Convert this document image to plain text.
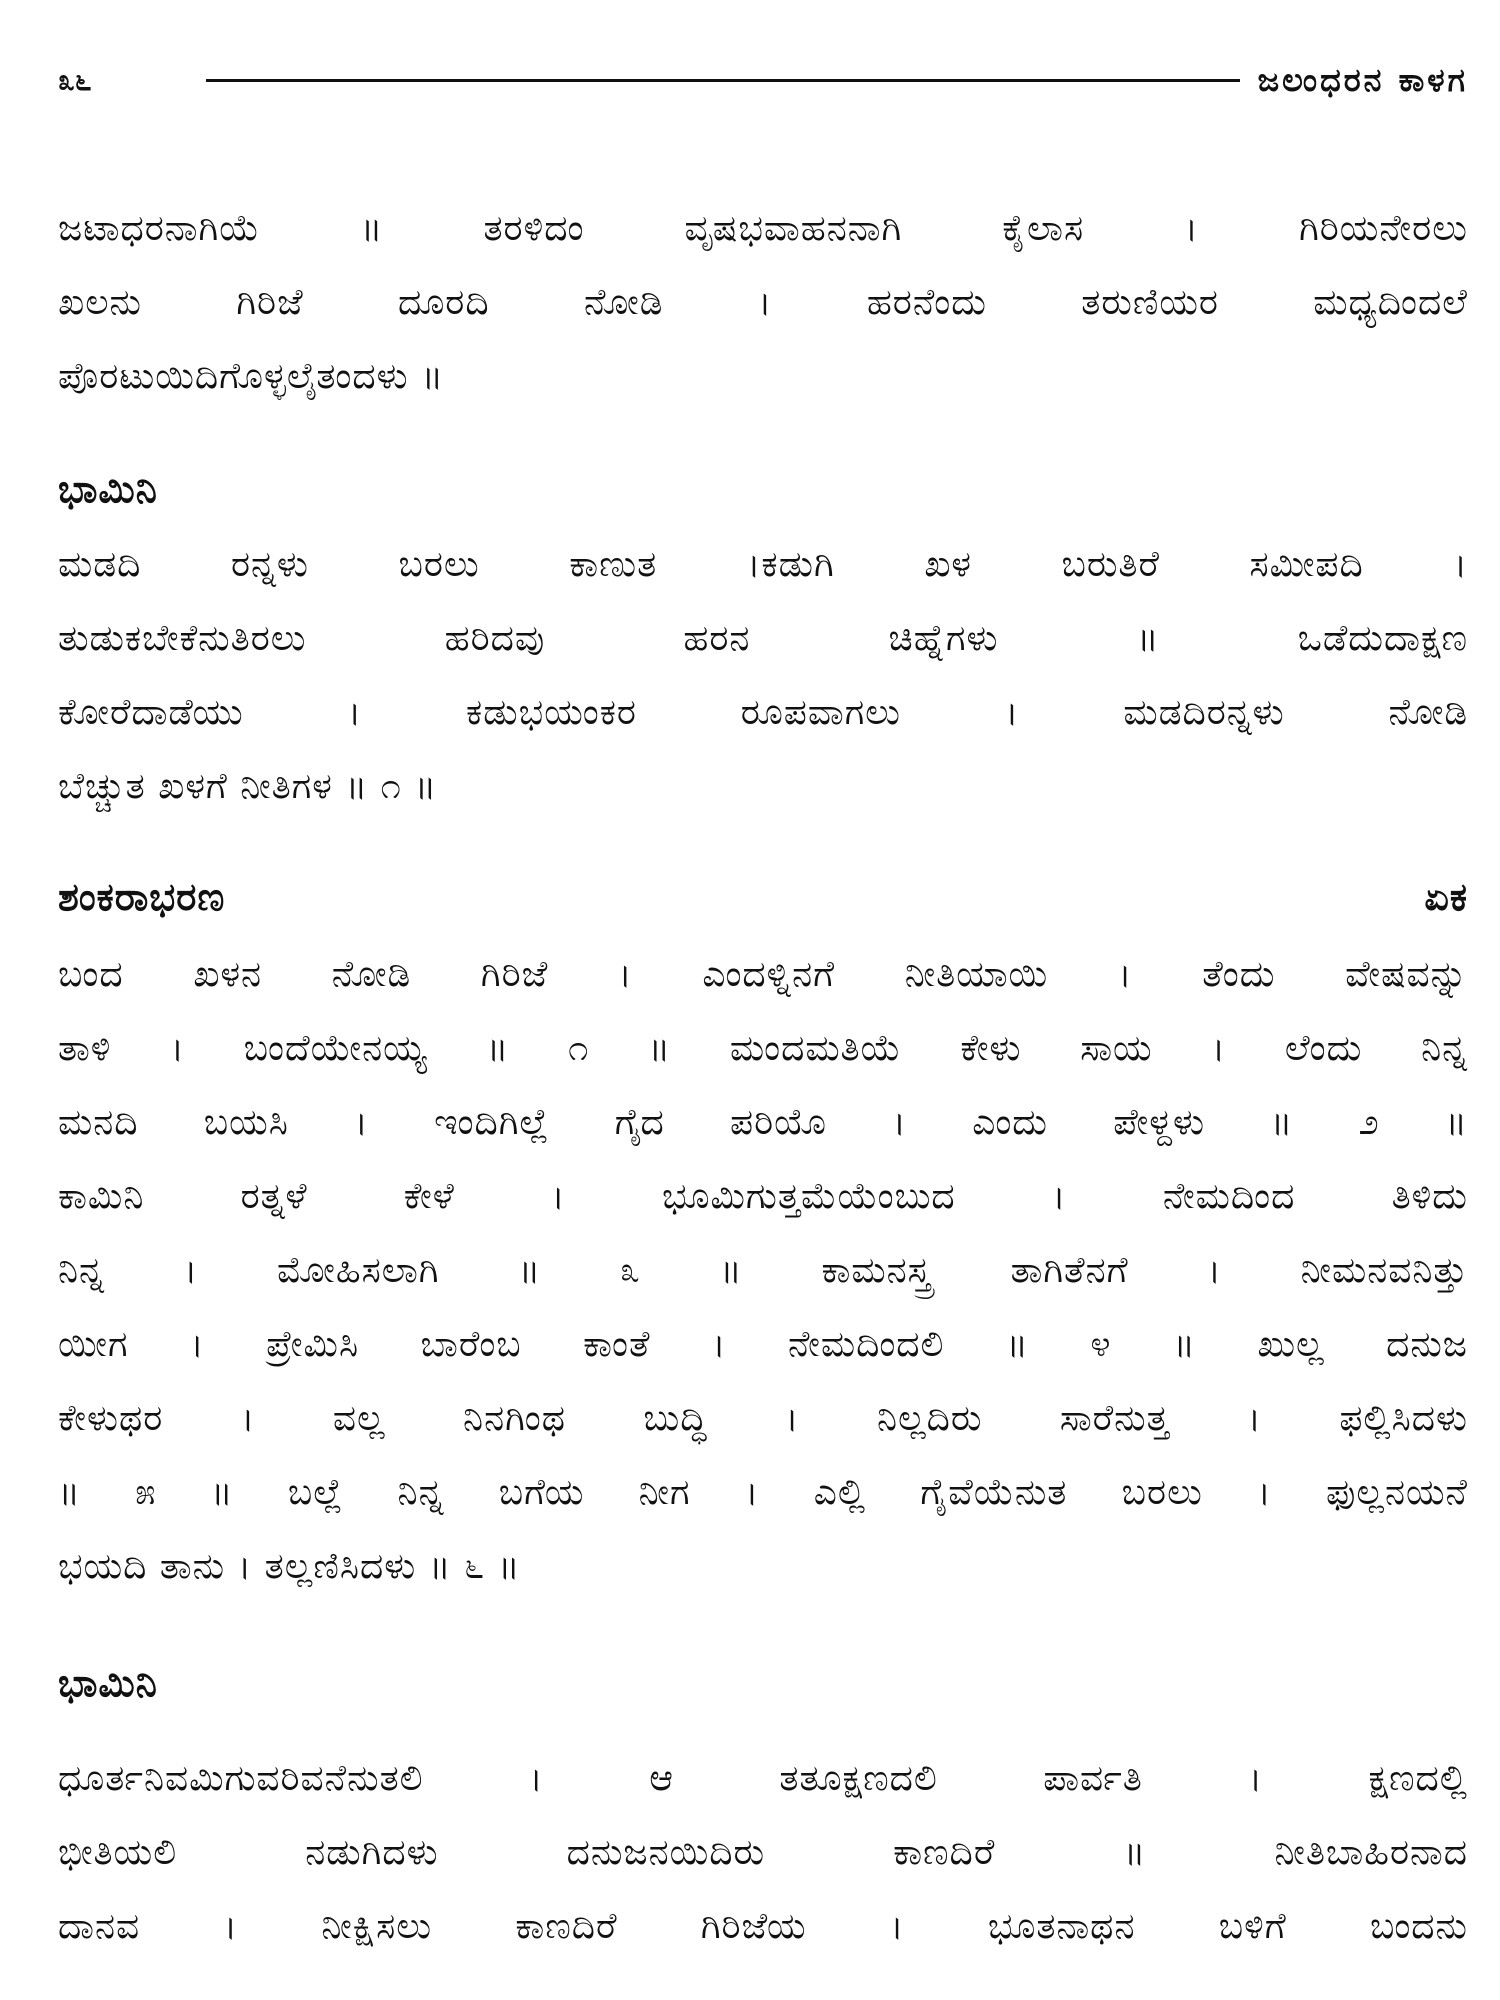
೩೬	ಜಲಂಧರನ ಕಾಳಗ
ಜಟಾಧರನಾಗಿಯೆ ॥ ತರಳಿದಂ ವೃಷಭವಾಹನನಾಗಿ ಕೈಲಾಸ । ಗಿರಿಯನೇರಲು
ಖಲನು ಗಿರಿಜೆ ದೂರದಿ ನೋಡಿ । ಹರನೆಂದು ತರುಣಿಯರ ಮಧ್ಯದಿಂದಲೆ
ಪೊರಟುಯಿದಿಗೊಳ್ಳಲೈತಂದಳು ॥
ಭಾಮಿನಿ
ಮಡದಿ ರನ್ನಳು ಬರಲು ಕಾಣುತ ।ಕಡುಗಿ ಖಳ ಬರುತಿರೆ ಸಮೀಪದಿ ।
ತುಡುಕಬೇಕೆನುತಿರಲು ಹರಿದವು ಹರನ ಚಿಹ್ನೆಗಳು ॥ ಒಡೆದುದಾಕ್ಷಣ
ಕೋರೆದಾಡೆಯು । ಕಡುಭಯಂಕರ ರೂಪವಾಗಲು । ಮಡದಿರನ್ನಳು ನೋಡಿ
ಬೆಚ್ಚುತ ಖಳಗೆ ನೀತಿಗಳ ॥ ೧ ॥
ಶಂಕರಾಭರಣ	ಏಕ
ಬಂದ ಖಳನ ನೋಡಿ ಗಿರಿಜೆ । ಎಂದಳ್ನಿನಗೆ ನೀತಿಯಾಯಿ । ತೆಂದು ವೇಷವನ್ನು
ತಾಳಿ । ಬಂದೆಯೇನಯ್ಯ ॥ ೧ ॥ ಮಂದಮತಿಯೆ ಕೇಳು ಸಾಯ । ಲೆಂದು ನಿನ್ನ
ಮನದಿ ಬಯಸಿ । ಇಂದಿಗಿಲ್ಲೆ ಗೈದ ಪರಿಯೊ । ಎಂದು ಪೇಳ್ದಳು ॥ ೨ ॥
ಕಾಮಿನಿ ರತ್ನಳೆ ಕೇಳೆ । ಭೂಮಿಗುತ್ತಮೆಯೆಂಬುದ । ನೇಮದಿಂದ ತಿಳಿದು
ನಿನ್ನ । ಮೋಹಿಸಲಾಗಿ ॥ ೩ ॥ ಕಾಮನಸ್ತ್ರ ತಾಗಿತೆನಗೆ । ನೀಮನವನಿತ್ತು
ಯೀಗ । ಪ್ರೇಮಿಸಿ ಬಾರೆಂಬ ಕಾಂತೆ । ನೇಮದಿಂದಲಿ ॥ ೪ ॥ ಖುಲ್ಲ ದನುಜ
ಕೇಳುಥರ । ವಲ್ಲ ನಿನಗಿಂಥ ಬುದ್ಧಿ । ನಿಲ್ಲದಿರು ಸಾರೆನುತ್ತ । ಫಲ್ಲಿಸಿದಳು
॥ ೫ ॥ ಬಲ್ಲೆ ನಿನ್ನ ಬಗೆಯ ನೀಗ । ಎಲ್ಲಿ ಗೈವೆಯೆನುತ ಬರಲು । ಫುಲ್ಲನಯನೆ
ಭಯದಿ ತಾನು । ತಲ್ಲಣಿಸಿದಳು ॥ ೬ ॥
ಭಾಮಿನಿ
ಧೂರ್ತನಿವಮಿಗುವರಿವನೆನುತಲಿ । ಆ ತತೂಕ್ಷಣದಲಿ ಪಾರ್ವತಿ । ಕ್ಷಣದಲ್ಲಿ
ಭೀತಿಯಲಿ ನಡುಗಿದಳು ದನುಜನಯಿದಿರು ಕಾಣದಿರೆ ॥ ನೀತಿಬಾಹಿರನಾದ
ದಾನವ । ನೀಕ್ಷಿಸಲು ಕಾಣದಿರೆ ಗಿರಿಜೆಯ । ಭೂತನಾಥನ ಬಳಿಗೆ ಬಂದನು
